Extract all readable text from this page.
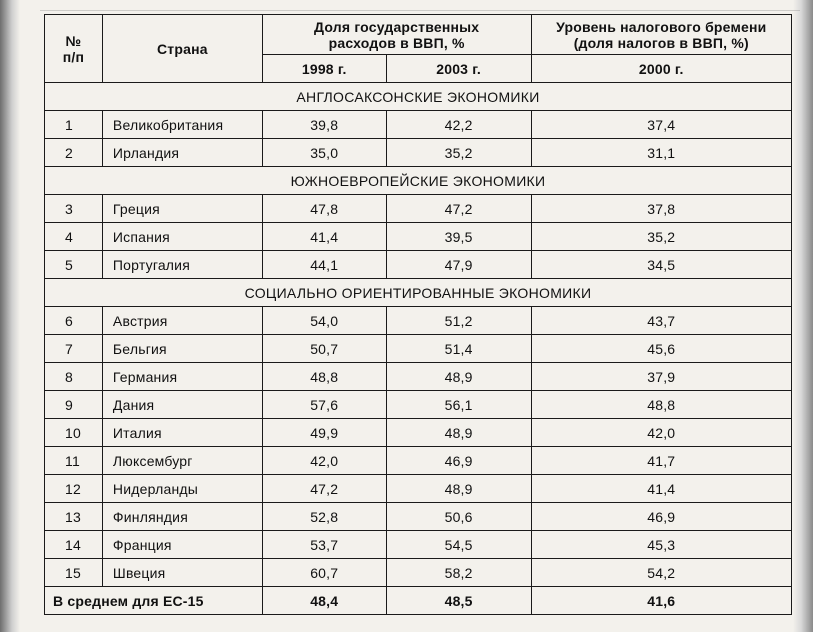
№ п/п	Страна	Доля государственных расходов в ВВП, %		Уровень налогового бремени (доля налогов в ВВП, %)
		1998 г.	2003 г.	2000 г.
АНГЛОСАКСОНСКИЕ ЭКОНОМИКИ				
1	Великобритания	39,8	42,2	37,4
2	Ирландия	35,0	35,2	31,1
ЮЖНОЕВРОПЕЙСКИЕ ЭКОНОМИКИ				
3	Греция	47,8	47,2	37,8
4	Испания	41,4	39,5	35,2
5	Португалия	44,1	47,9	34,5
СОЦИАЛЬНО ОРИЕНТИРОВАННЫЕ ЭКОНОМИКИ				
6	Австрия	54,0	51,2	43,7
7	Бельгия	50,7	51,4	45,6
8	Германия	48,8	48,9	37,9
9	Дания	57,6	56,1	48,8
10	Италия	49,9	48,9	42,0
11	Люксембург	42,0	46,9	41,7
12	Нидерланды	47,2	48,9	41,4
13	Финляндия	52,8	50,6	46,9
14	Франция	53,7	54,5	45,3
15	Швеция	60,7	58,2	54,2
В среднем для ЕС-15		48,4	48,5	41,6
